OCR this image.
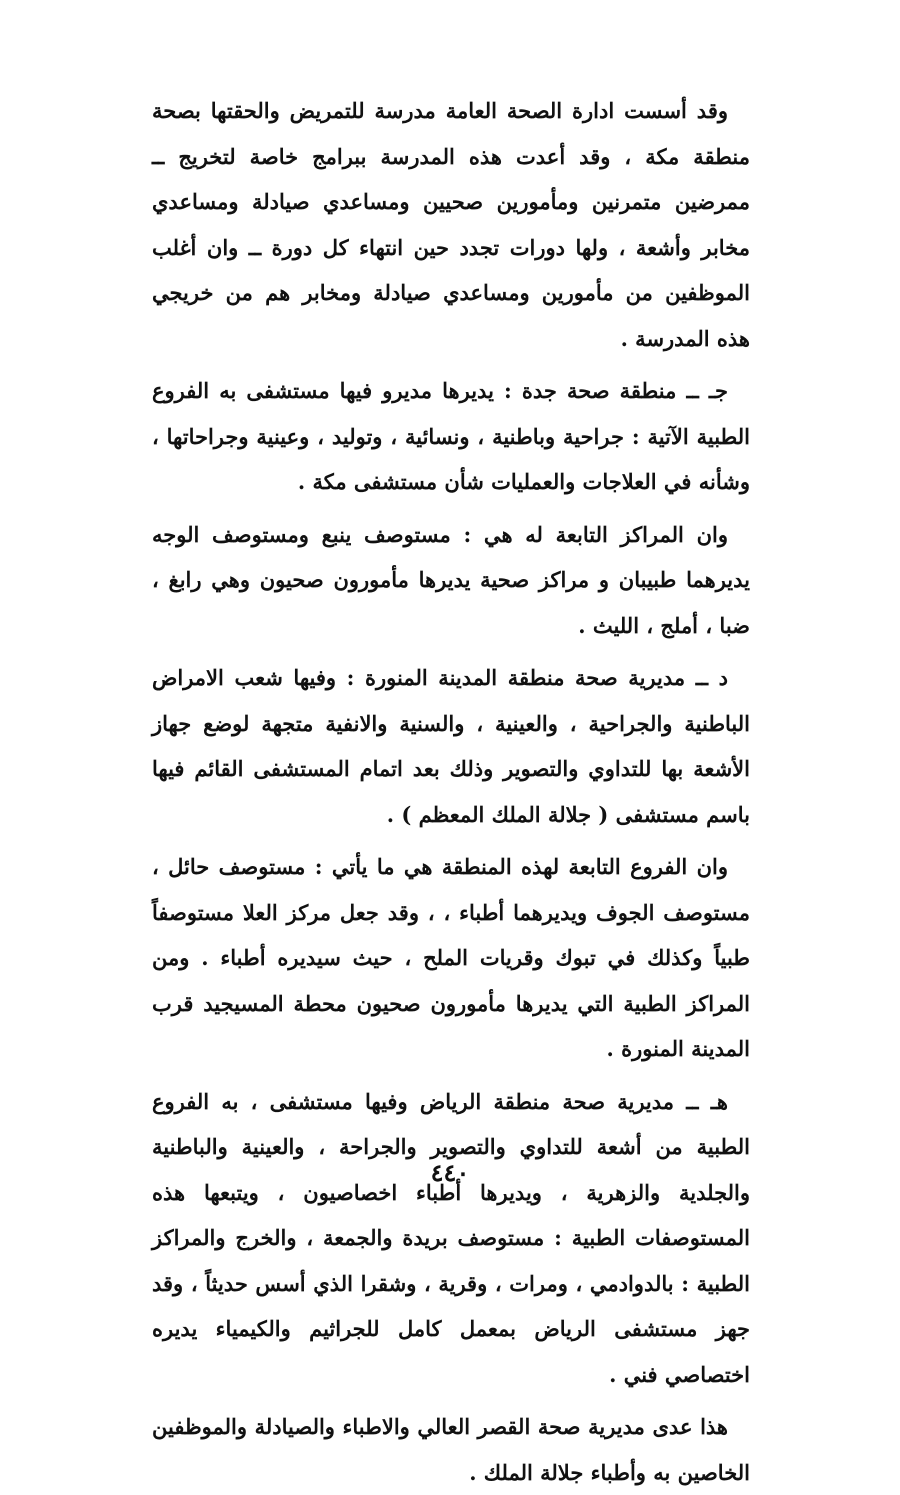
وقد أسست ادارة الصحة العامة مدرسة للتمريض والحقتها بصحة منطقة مكة ، وقد أعدت هذه المدرسة ببرامج خاصة لتخريج ــ ممرضين متمرنين ومأمورين صحيين ومساعدي صيادلة ومساعدي مخابر وأشعة ، ولها دورات تجدد حين انتهاء كل دورة ــ وان أغلب الموظفين من مأمورين ومساعدي صيادلة ومخابر هم من خريجي هذه المدرسة .

جـ ــ منطقة صحة جدة : يديرها مديرو فيها مستشفى به الفروع الطبية الآتية : جراحية وباطنية ، ونسائية ، وتوليد ، وعينية وجراحاتها ، وشأنه في العلاجات والعمليات شأن مستشفى مكة .

وان المراكز التابعة له هي : مستوصف ينبع ومستوصف الوجه يديرهما طبيبان و مراكز صحية يديرها مأمورون صحيون وهي رابغ ، ضبا ، أملج ، الليث .

د ــ مديرية صحة منطقة المدينة المنورة : وفيها شعب الامراض الباطنية والجراحية ، والعينية ، والسنية والانفية متجهة لوضع جهاز الأشعة بها للتداوي والتصوير وذلك بعد اتمام المستشفى القائم فيها باسم مستشفى ( جلالة الملك المعظم ) .

وان الفروع التابعة لهذه المنطقة هي ما يأتي : مستوصف حائل ، مستوصف الجوف ويديرهما أطباء ، ، وقد جعل مركز العلا مستوصفاً طبياً وكذلك في تبوك وقريات الملح ، حيث سيديره أطباء . ومن المراكز الطبية التي يديرها مأمورون صحيون محطة المسيجيد قرب المدينة المنورة .

هـ ــ مديرية صحة منطقة الرياض وفيها مستشفى ، به الفروع الطبية من أشعة للتداوي والتصوير والجراحة ، والعينية والباطنية والجلدية والزهرية ، ويديرها أطباء اخصاصيون ، ويتبعها هذه المستوصفات الطبية : مستوصف بريدة والجمعة ، والخرج والمراكز الطبية : بالدوادمي ، ومرات ، وقرية ، وشقرا الذي أسس حديثاً ، وقد جهز مستشفى الرياض بمعمل كامل للجراثيم والكيمياء يديره اختصاصي فني .

هذا عدى مديرية صحة القصر العالي والاطباء والصيادلة والموظفين الخاصين به وأطباء جلالة الملك .

٤٤٠
